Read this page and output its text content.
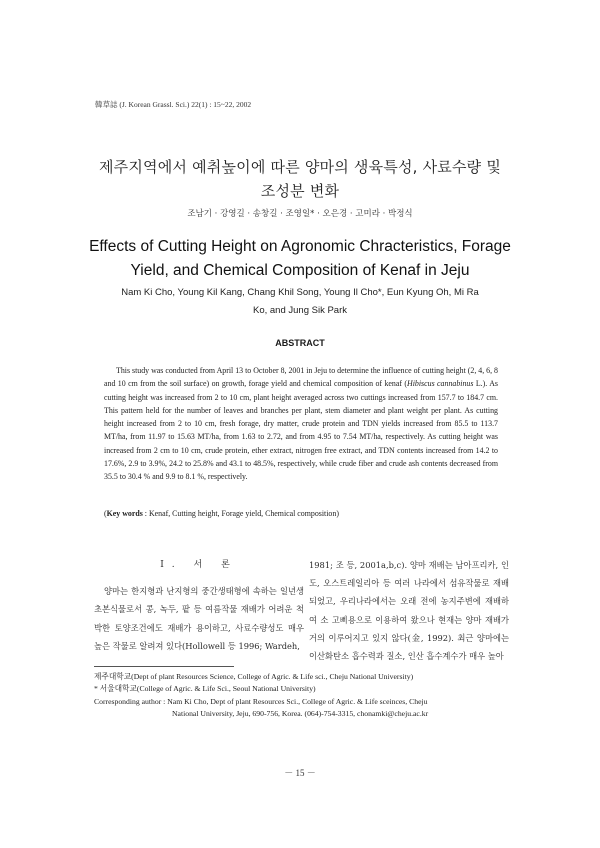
韓草誌 (J. Korean Grassl. Sci.) 22(1) : 15~22, 2002
제주지역에서 예취높이에 따른 양마의 생육특성, 사료수량 및
조성분 변화
조남기 · 강영길 · 송창길 · 조영일* · 오은경 · 고미라 · 박정식
Effects of Cutting Height on Agronomic Chracteristics, Forage
Yield, and Chemical Composition of Kenaf in Jeju
Nam Ki Cho, Young Kil Kang, Chang Khil Song, Young Il Cho*, Eun Kyung Oh, Mi Ra
Ko, and Jung Sik Park
ABSTRACT

This study was conducted from April 13 to October 8, 2001 in Jeju to determine the influence of cutting height (2, 4, 6, 8 and 10 cm from the soil surface) on growth, forage yield and chemical composition of kenaf (Hibiscus cannabinus L.). As cutting height was increased from 2 to 10 cm, plant height averaged across two cuttings increased from 157.7 to 184.7 cm. This pattern held for the number of leaves and branches per plant, stem diameter and plant weight per plant. As cutting height increased from 2 to 10 cm, fresh forage, dry matter, crude protein and TDN yields increased from 85.5 to 113.7 MT/ha, from 11.97 to 15.63 MT/ha, from 1.63 to 2.72, and from 4.95 to 7.54 MT/ha, respectively. As cutting height was increased from 2 cm to 10 cm, crude protein, ether extract, nitrogen free extract, and TDN contents increased from 14.2 to 17.6%, 2.9 to 3.9%, 24.2 to 25.8% and 43.1 to 48.5%, respectively, while crude fiber and crude ash contents decreased from 35.5 to 30.4 % and 9.9 to 8.1 %, respectively.

(Key words : Kenaf, Cutting height, Forage yield, Chemical composition)
Ⅰ. 서 론

양마는 한지형과 난지형의 중간생태형에 속하는 일년생 초본식물로서 콩, 녹두, 팥 등 여름작물 재배가 어려운 척박한 토양조건에도 재배가 용이하고, 사료수량성도 매우 높은 작물로 알려져 있다(Hollowell 등 1996; Wardeh,

1981; 조 등, 2001a,b,c). 양마 재배는 남아프리카, 인도, 오스트레일리아 등 여러 나라에서 섬유작물로 재배되었고, 우리나라에서는 오래 전에 농지주변에 재배하여 소 고삐용으로 이용하여 왔으나 현재는 양마 재배가 거의 이루어지고 있지 않다(金, 1992). 최근 양마에는 이산화탄소 흡수력과 질소, 인산 흡수계수가 매우 높아

제주대학교(Dept of plant Resources Science, College of Agric. & Life sci., Cheju National University)
* 서울대학교(College of Agric. & Life Sci., Seoul National University)
Corresponding author : Nam Ki Cho, Dept of plant Resources Sci., College of Agric. & Life sceinces, Cheju
National University, Jeju, 690-756, Korea. (064)-754-3315, chonamki@cheju.ac.kr
－ 15 －
